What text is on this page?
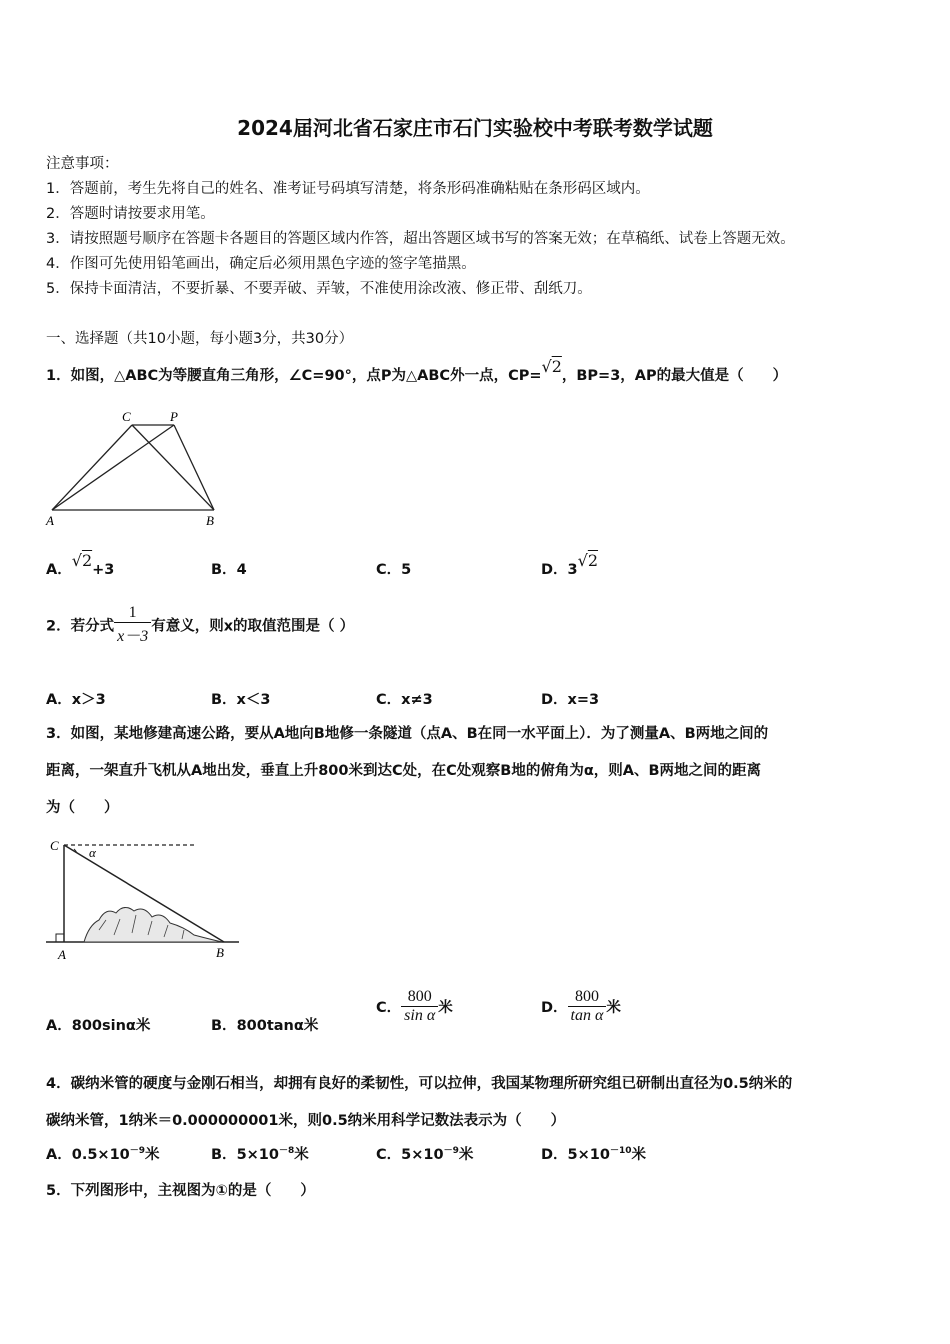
2024届河北省石家庄市石门实验校中考联考数学试题
注意事项：
1．答题前，考生先将自己的姓名、准考证号码填写清楚，将条形码准确粘贴在条形码区域内。
2．答题时请按要求用笔。
3．请按照题号顺序在答题卡各题目的答题区域内作答，超出答题区域书写的答案无效；在草稿纸、试卷上答题无效。
4．作图可先使用铅笔画出，确定后必须用黑色字迹的签字笔描黑。
5．保持卡面清洁，不要折暴、不要弄破、弄皱，不准使用涂改液、修正带、刮纸刀。
一、选择题（共10小题，每小题3分，共30分）
1．如图，△ABC为等腰直角三角形，∠C=90°，点P为△ABC外一点，CP=√2，BP=3，AP的最大值是（　　）
C	P
A	B
A．√2+3	B．4	C．5	D．3√2
2．若分式 $\frac{1}{x-3}$ 有意义，则x的取值范围是（ ）
A．x＞3	B．x＜3	C．x≠3	D．x=3
3．如图，某地修建高速公路，要从A地向B地修一条隧道（点A、B在同一水平面上）．为了测量A、B两地之间的
距离，一架直升飞机从A地出发，垂直上升800米到达C处，在C处观察B地的俯角为α，则A、B两地之间的距离
为（　　）
C α
A	B
A．800sinα米	B．800tanα米
C． $\frac{800}{\text{sin α}}$ 米	D． $\frac{800}{\text{tan α}}$ 米
4．碳纳米管的硬度与金刚石相当，却拥有良好的柔韧性，可以拉伸，我国某物理所研究组已研制出直径为0.5纳米的
碳纳米管，1纳米＝0.000000001米，则0.5纳米用科学记数法表示为（　　）
A．$0.5\times 10^{-9}$米	B．$5\times 10^{-8}$米	C．$5\times 10^{-9}$米	D．$5\times 10^{-10}$米
5．下列图形中，主视图为①的是（　　）
